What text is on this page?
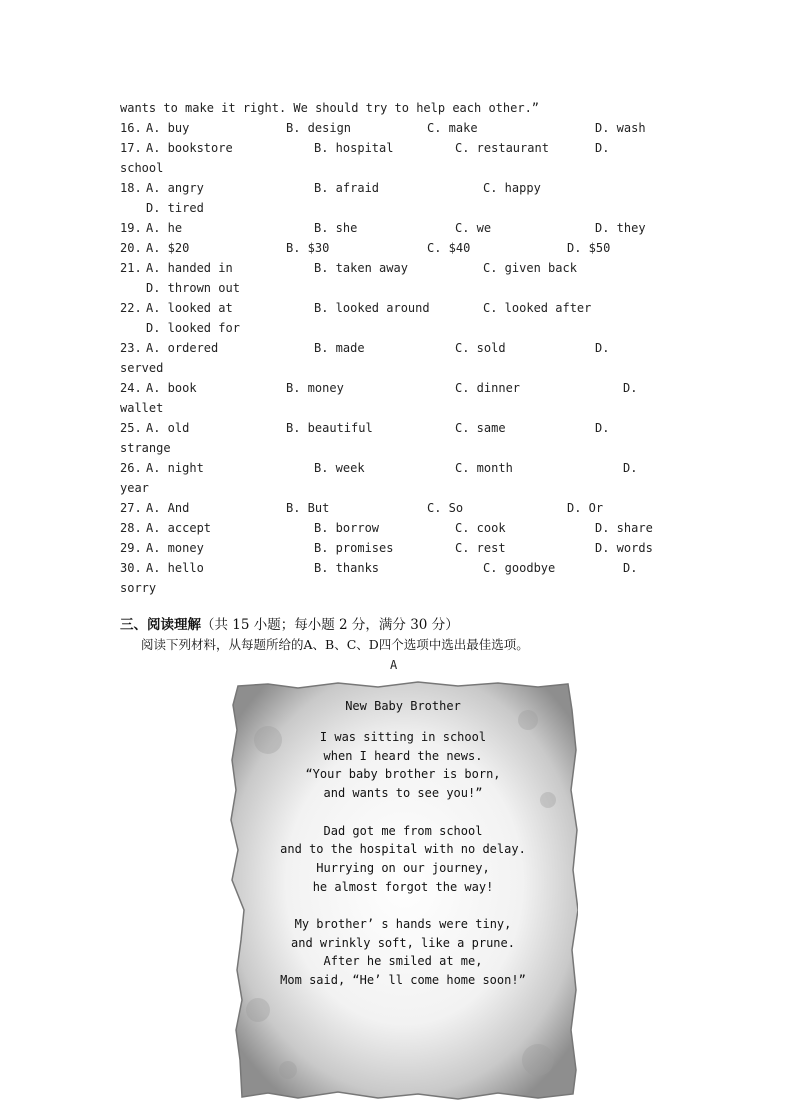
wants to make it right. We should try to help each other.”
16. A. buy	B. design	C. make	D. wash
17. A. bookstore	B. hospital	C. restaurant	D.
school
18. A. angry	B. afraid	C. happy
D. tired
19. A. he	B. she	C. we	D. they
20. A. $20	B. $30	C. $40	D. $50
21. A. handed in	B. taken away	C. given back
D. thrown out
22. A. looked at	B. looked around	C. looked after
D. looked for
23. A. ordered	B. made	C. sold	D.
served
24. A. book	B. money	C. dinner	D.
wallet
25. A. old	B. beautiful	C. same	D.
strange
26. A. night	B. week	C. month	D.
year
27. A. And	B. But	C. So	D. Or
28. A. accept	B. borrow	C. cook	D. share
29. A. money	B. promises	C. rest	D. words
30. A. hello	B. thanks	C. goodbye	D.
sorry
三、阅读理解（共 15 小题；每小题 2 分，满分 30 分）
阅读下列材料，从每题所给的A、B、C、D四个选项中选出最佳选项。
A
New Baby Brother
I was sitting in school
when I heard the news.
“Your baby brother is born,
and wants to see you!”
Dad got me from school
and to the hospital with no delay.
Hurrying on our journey,
he almost forgot the way!
My brother’ s hands were tiny,
and wrinkly soft, like a prune.
After he smiled at me,
Mom said, “He’ ll come home soon!”
